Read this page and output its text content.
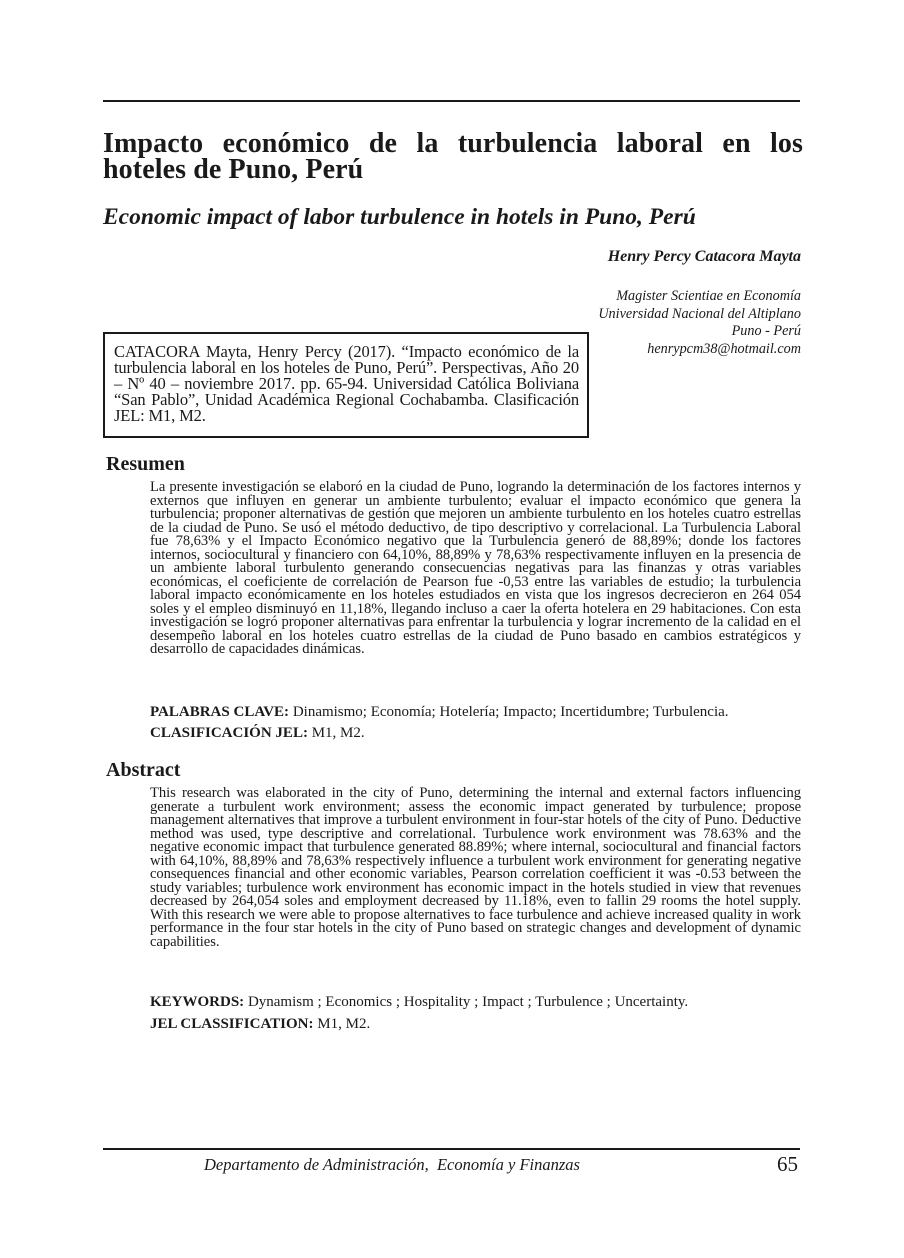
Impacto económico de la turbulencia laboral en los hoteles de Puno, Perú
Economic impact of labor turbulence in hotels in Puno, Perú
Henry Percy Catacora Mayta
Magister Scientiae en Economía
Universidad Nacional del Altiplano
Puno - Perú
henrypcm38@hotmail.com
CATACORA Mayta, Henry Percy (2017). “Impacto económico de la turbulencia laboral en los hoteles de Puno, Perú”. Perspectivas, Año 20 – Nº 40 – noviembre 2017. pp. 65-94. Universidad Católica Boliviana “San Pablo”, Unidad Académica Regional Cochabamba. Clasificación JEL: M1, M2.
Resumen

La presente investigación se elaboró en la ciudad de Puno, logrando la determinación de los factores internos y externos que influyen en generar un ambiente turbulento; evaluar el impacto económico que genera la turbulencia; proponer alternativas de gestión que mejoren un ambiente turbulento en los hoteles cuatro estrellas de la ciudad de Puno. Se usó el método deductivo, de tipo descriptivo y correlacional. La Turbulencia Laboral fue 78,63% y el Impacto Económico negativo que la Turbulencia generó de 88,89%; donde los factores internos, sociocultural y financiero con 64,10%, 88,89% y 78,63% respectivamente influyen en la presencia de un ambiente laboral turbulento generando consecuencias negativas para las finanzas y otras variables económicas, el coeficiente de correlación de Pearson fue -0,53 entre las variables de estudio; la turbulencia laboral impacto económicamente en los hoteles estudiados en vista que los ingresos decrecieron en 264 054 soles y el empleo disminuyó en 11,18%, llegando incluso a caer la oferta hotelera en 29 habitaciones. Con esta investigación se logró proponer alternativas para enfrentar la turbulencia y lograr incremento de la calidad en el desempeño laboral en los hoteles cuatro estrellas de la ciudad de Puno basado en cambios estratégicos y desarrollo de capacidades dinámicas.

PALABRAS CLAVE: Dinamismo; Economía; Hotelería; Impacto; Incertidumbre; Turbulencia.

CLASIFICACIÓN JEL: M1, M2.

Abstract

This research was elaborated in the city of Puno, determining the internal and external factors influencing generate a turbulent work environment; assess the economic impact generated by turbulence; propose management alternatives that improve a turbulent environment in four-star hotels of the city of Puno. Deductive method was used, type descriptive and correlational. Turbulence work environment was 78.63% and the negative economic impact that turbulence generated 88.89%; where internal, sociocultural and financial factors with 64,10%, 88,89% and 78,63% respectively influence a turbulent work environment for generating negative consequences financial and other economic variables, Pearson correlation coefficient it was -0.53 between the study variables; turbulence work environment has economic impact in the hotels studied in view that revenues decreased by 264,054 soles and employment decreased by 11.18%, even to fallin 29 rooms the hotel supply. With this research we were able to propose alternatives to face turbulence and achieve increased quality in work performance in the four star hotels in the city of Puno based on strategic changes and development of dynamic capabilities.

KEYWORDS: Dynamism ; Economics ; Hospitality ; Impact ; Turbulence ; Uncertainty.

JEL CLASSIFICATION: M1, M2.

Departamento de Administración,  Economía y Finanzas	65
